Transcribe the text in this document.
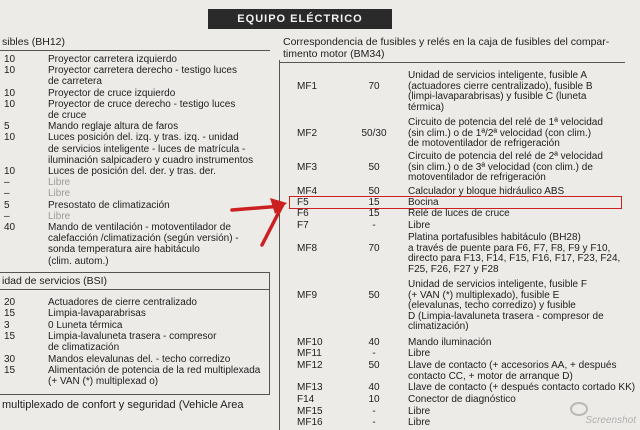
EQUIPO ELÉCTRICO
sibles (BH12)
10	Proyector carretera izquierdo
10	Proyector carretera derecho - testigo luces
de carretera
10	Proyector de cruce izquierdo
10	Proyector de cruce derecho - testigo luces
de cruce
5	Mando reglaje altura de faros
10	Luces posición del. izq. y tras. izq. - unidad
de servicios inteligente - luces de matrícula -
iluminación salpicadero y cuadro instrumentos
10	Luces de posición del. der. y tras. der.
–	Libre
–	Libre
5	Presostato de climatización
–	Libre
40	Mando de ventilación - motoventilador de
calefacción /climatización (según versión) -
sonda temperatura aire habitáculo
(clim. autom.)
idad de servicios (BSI)
20	Actuadores de cierre centralizado
15	Limpia-lavaparabrisas
3	0 Luneta térmica
15	Limpia-lavaluneta trasera - compresor
de climatización
30	Mandos elevalunas del. - techo corredizo
15	Alimentación de potencia de la red multiplexada
(+ VAN (*) multiplexad o)
multiplexado de confort y seguridad (Vehicle Area
Correspondencia de fusibles y relés en la caja de fusibles del compar-
timento motor (BM34)
MF1	70
Unidad de servicios inteligente, fusible A
(actuadores cierre centralizado), fusible B
(limpi-lavaparabrisas) y fusible C (luneta
térmica)
MF2	50/30
Circuito de potencia del relé de 1ª velocidad
(sin clim.) o de 1ª/2ª velocidad (con clim.)
de motoventilador de refrigeración
MF3	50
Circuito de potencia del relé de 2ª velocidad
(sin clim.) o de 3ª velocidad (con clim.) de
motoventilador de refrigeración
MF4	50	Calculador y bloque hidráulico ABS
F5	15	Bocina
F6	15	Relé de luces de cruce
F7	-	Libre
MF8	70
Platina portafusibles habitáculo (BH28)
a través de puente para F6, F7, F8, F9 y F10,
directo para F13, F14, F15, F16, F17, F23, F24,
F25, F26, F27 y F28
MF9	50
Unidad de servicios inteligente, fusible F
(+ VAN (*) multiplexado), fusible E
(elevalunas, techo corredizo) y fusible
D (Limpia-lavaluneta trasera - compresor de
climatización)
MF10	40	Mando iluminación
MF11	-	Libre
MF12	50	Llave de contacto (+ accesorios AA, + después
contacto CC, + motor de arranque D)
MF13	40	Llave de contacto (+ después contacto cortado KK)
F14	10	Conector de diagnóstico
MF15	-	Libre
MF16	-	Libre	Screenshot
